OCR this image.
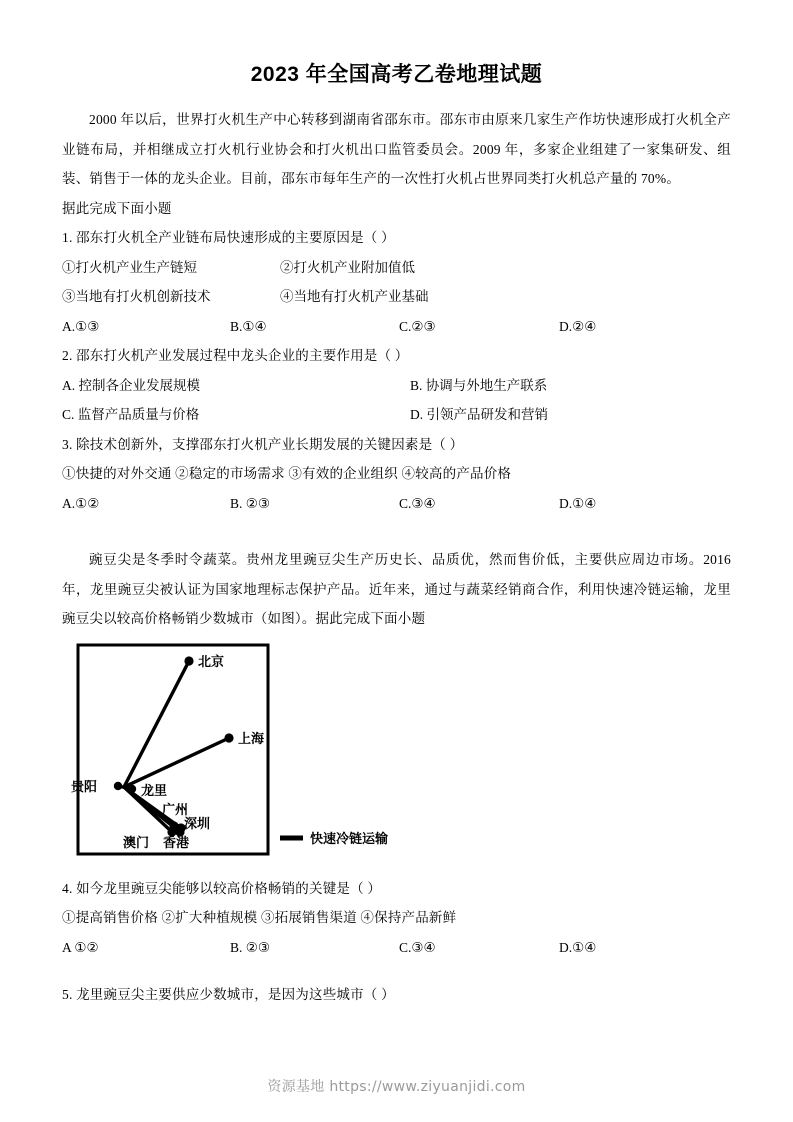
2023 年全国高考乙卷地理试题

2000 年以后，世界打火机生产中心转移到湖南省邵东市。邵东市由原来几家生产作坊快速形成打火机全产业链布局，并相继成立打火机行业协会和打火机出口监管委员会。2009 年，多家企业组建了一家集研发、组装、销售于一体的龙头企业。目前，邵东市每年生产的一次性打火机占世界同类打火机总产量的 70%。

据此完成下面小题

1. 邵东打火机全产业链布局快速形成的主要原因是（ ）

①打火机产业生产链短	②打火机产业附加值低
③当地有打火机创新技术	④当地有打火机产业基础
A.①③	B.①④	C.②③	D.②④

2. 邵东打火机产业发展过程中龙头企业的主要作用是（ ）

A. 控制各企业发展规模	B. 协调与外地生产联系
C. 监督产品质量与价格	D. 引领产品研发和营销

3. 除技术创新外，支撑邵东打火机产业长期发展的关键因素是（ ）

①快捷的对外交通 ②稳定的市场需求 ③有效的企业组织 ④较高的产品价格

A.①②	B. ②③	C.③④	D.①④

豌豆尖是冬季时令蔬菜。贵州龙里豌豆尖生产历史长、品质优，然而售价低，主要供应周边市场。2016 年，龙里豌豆尖被认证为国家地理标志保护产品。近年来，通过与蔬菜经销商合作，利用快速冷链运输，龙里豌豆尖以较高价格畅销少数城市（如图）。据此完成下面小题

北京
上海
贵阳	龙里
广州
深圳
香港
澳门	快速冷链运输

4. 如今龙里豌豆尖能够以较高价格畅销的关键是（ ）

①提高销售价格 ②扩大种植规模 ③拓展销售渠道 ④保持产品新鲜

A ①②	B. ②③	C.③④	D.①④

5. 龙里豌豆尖主要供应少数城市，是因为这些城市（ ）

资源基地 https://www.ziyuanjidi.com
